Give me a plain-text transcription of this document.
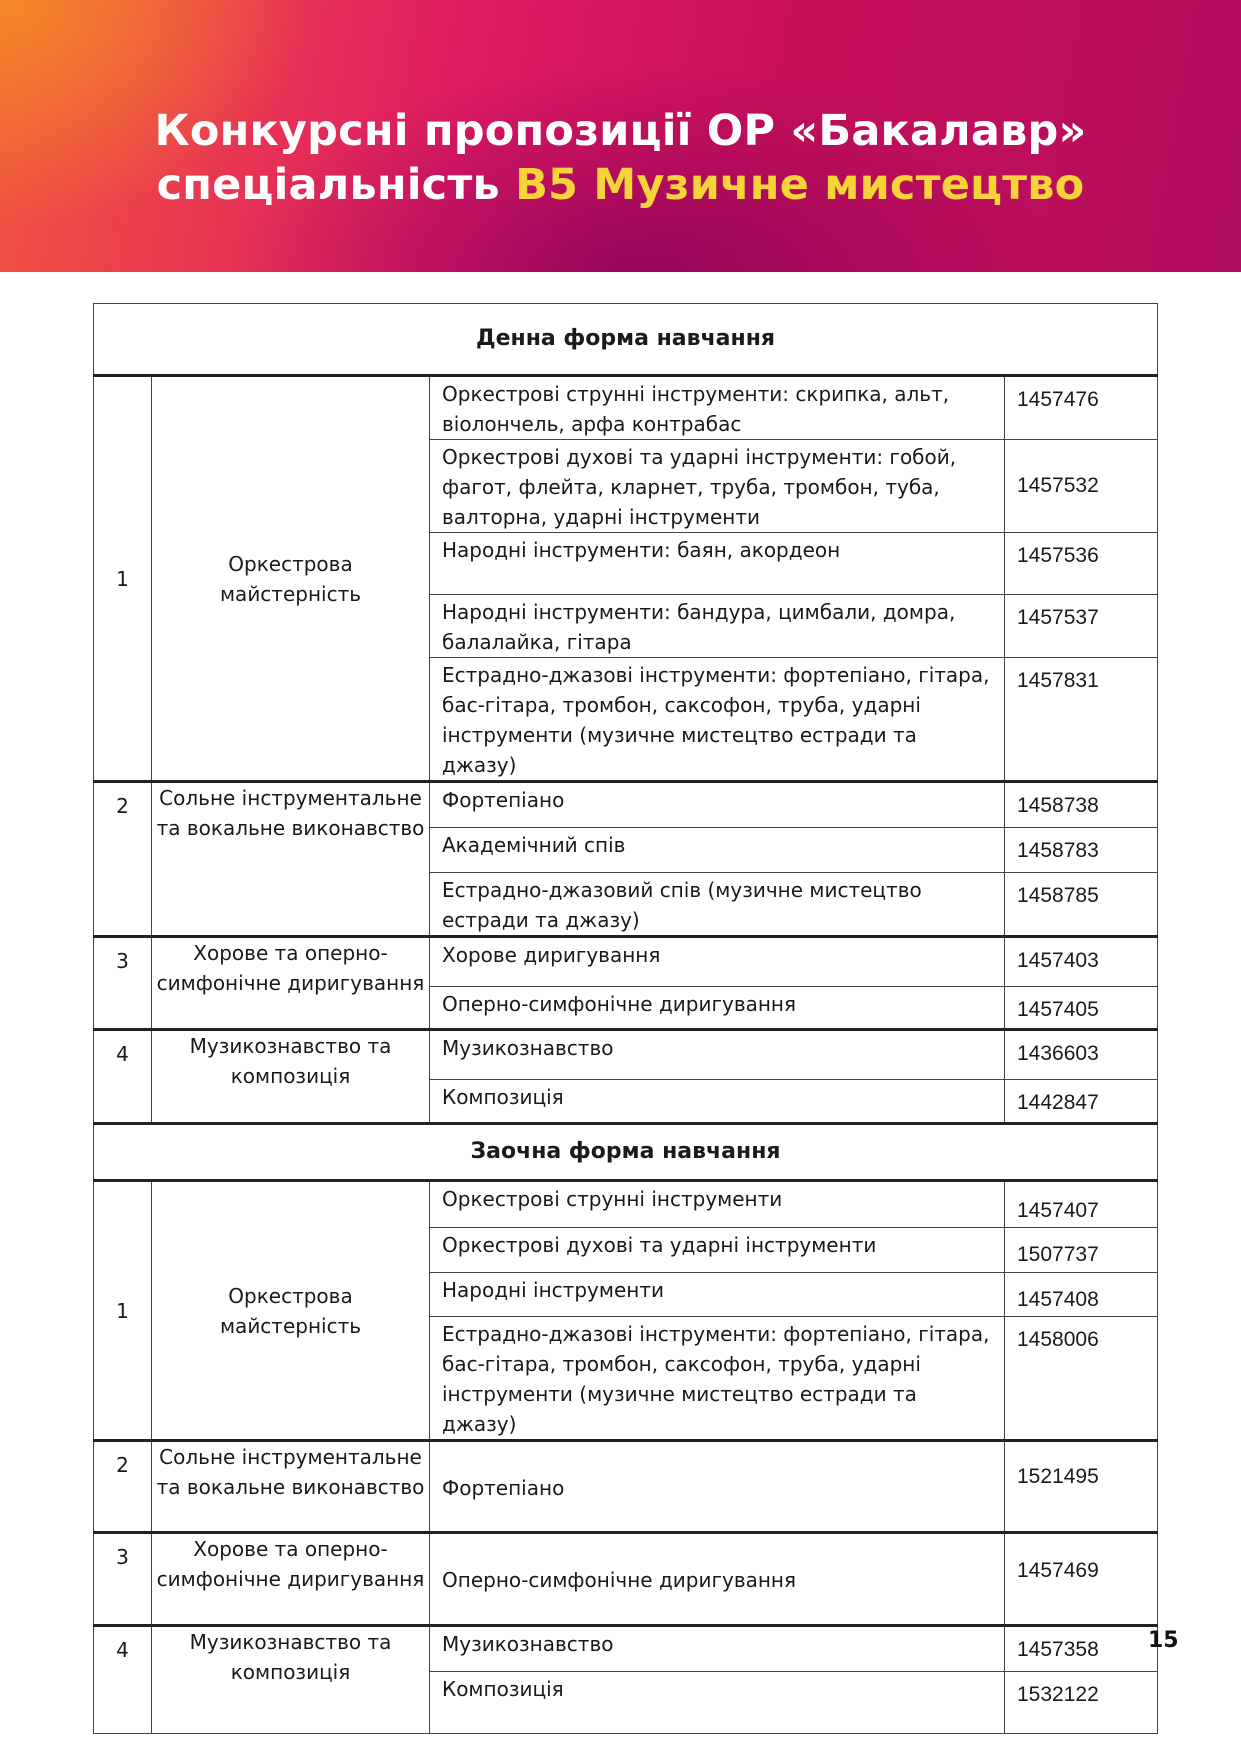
Конкурсні пропозиції ОР «Бакалавр»
спеціальність В5 Музичне мистецтво
Денна форма навчання			
1	Оркестрова майстерність	Оркестрові струнні інструменти: скрипка, альт, віолончель, арфа контрабас	1457476
		Оркестрові духові та ударні інструменти: гобой, фагот, флейта, кларнет, труба, тромбон, туба, валторна, ударні інструменти	1457532
		Народні інструменти: баян, акордеон	1457536
		Народні інструменти: бандура, цимбали, домра, балалайка, гітара	1457537
		Естрадно-джазові інструменти: фортепіано, гітара, бас-гітара, тромбон, саксофон, труба, ударні інструменти (музичне мистецтво естради та джазу)	1457831
2	Сольне інструментальне та вокальне виконавство	Фортепіано	1458738
		Академічний спів	1458783
		Естрадно-джазовий спів (музичне мистецтво естради та джазу)	1458785
3	Хорове та оперно-симфонічне диригування	Хорове диригування	1457403
		Оперно-симфонічне диригування	1457405
4	Музикознавство та композиція	Музикознавство	1436603
		Композиція	1442847
Заочна форма навчання			
1	Оркестрова майстерність	Оркестрові струнні інструменти	1457407
		Оркестрові духові та ударні інструменти	1507737
		Народні інструменти	1457408
		Естрадно-джазові інструменти: фортепіано, гітара, бас-гітара, тромбон, саксофон, труба, ударні інструменти (музичне мистецтво естради та джазу)	1458006
2	Сольне інструментальне та вокальне виконавство	Фортепіано	1521495
3	Хорове та оперно-симфонічне диригування	Оперно-симфонічне диригування	1457469
4	Музикознавство та композиція	Музикознавство	1457358
		Композиція	1532122
15
